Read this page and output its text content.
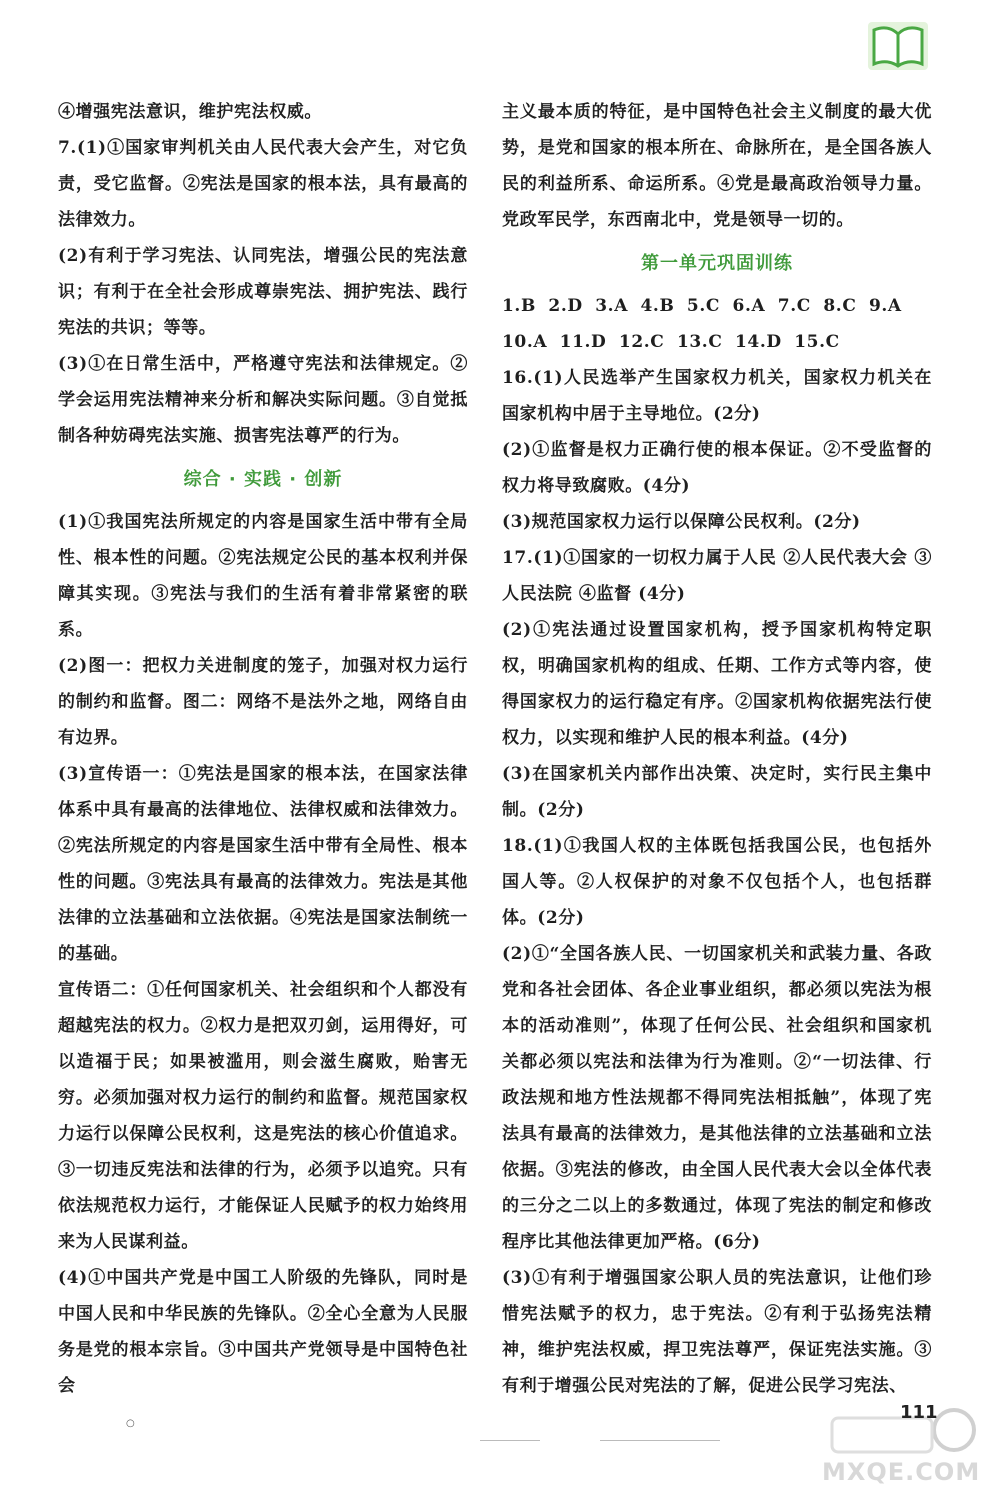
④增强宪法意识，维护宪法权威。

7.(1)①国家审判机关由人民代表大会产生，对它负责，受它监督。②宪法是国家的根本法，具有最高的法律效力。

(2)有利于学习宪法、认同宪法，增强公民的宪法意识；有利于在全社会形成尊崇宪法、拥护宪法、践行宪法的共识；等等。

(3)①在日常生活中，严格遵守宪法和法律规定。②学会运用宪法精神来分析和解决实际问题。③自觉抵制各种妨碍宪法实施、损害宪法尊严的行为。

综合 · 实践 · 创新

(1)①我国宪法所规定的内容是国家生活中带有全局性、根本性的问题。②宪法规定公民的基本权利并保障其实现。③宪法与我们的生活有着非常紧密的联系。

(2)图一：把权力关进制度的笼子，加强对权力运行的制约和监督。图二：网络不是法外之地，网络自由有边界。

(3)宣传语一：①宪法是国家的根本法，在国家法律体系中具有最高的法律地位、法律权威和法律效力。②宪法所规定的内容是国家生活中带有全局性、根本性的问题。③宪法具有最高的法律效力。宪法是其他法律的立法基础和立法依据。④宪法是国家法制统一的基础。

宣传语二：①任何国家机关、社会组织和个人都没有超越宪法的权力。②权力是把双刃剑，运用得好，可以造福于民；如果被滥用，则会滋生腐败，贻害无穷。必须加强对权力运行的制约和监督。规范国家权力运行以保障公民权利，这是宪法的核心价值追求。③一切违反宪法和法律的行为，必须予以追究。只有依法规范权力运行，才能保证人民赋予的权力始终用来为人民谋利益。

(4)①中国共产党是中国工人阶级的先锋队，同时是中国人民和中华民族的先锋队。②全心全意为人民服务是党的根本宗旨。③中国共产党领导是中国特色社会

主义最本质的特征，是中国特色社会主义制度的最大优势，是党和国家的根本所在、命脉所在，是全国各族人民的利益所系、命运所系。④党是最高政治领导力量。党政军民学，东西南北中，党是领导一切的。

第一单元巩固训练

1.B 2.D 3.A 4.B 5.C 6.A 7.C 8.C 9.A

10.A 11.D 12.C 13.C 14.D 15.C

16.(1)人民选举产生国家权力机关，国家权力机关在国家机构中居于主导地位。(2分)

(2)①监督是权力正确行使的根本保证。②不受监督的权力将导致腐败。(4分)

(3)规范国家权力运行以保障公民权利。(2分)

17.(1)①国家的一切权力属于人民 ②人民代表大会 ③人民法院 ④监督 (4分)

(2)①宪法通过设置国家机构，授予国家机构特定职权，明确国家机构的组成、任期、工作方式等内容，使得国家权力的运行稳定有序。②国家机构依据宪法行使权力，以实现和维护人民的根本利益。(4分)

(3)在国家机关内部作出决策、决定时，实行民主集中制。(2分)

18.(1)①我国人权的主体既包括我国公民，也包括外国人等。②人权保护的对象不仅包括个人，也包括群体。(2分)

(2)①“全国各族人民、一切国家机关和武装力量、各政党和各社会团体、各企业事业组织，都必须以宪法为根本的活动准则”，体现了任何公民、社会组织和国家机关都必须以宪法和法律为行为准则。②“一切法律、行政法规和地方性法规都不得同宪法相抵触”，体现了宪法具有最高的法律效力，是其他法律的立法基础和立法依据。③宪法的修改，由全国人民代表大会以全体代表的三分之二以上的多数通过，体现了宪法的制定和修改程序比其他法律更加严格。(6分)

(3)①有利于增强国家公职人员的宪法意识，让他们珍惜宪法赋予的权力，忠于宪法。②有利于弘扬宪法精神，维护宪法权威，捍卫宪法尊严，保证宪法实施。③有利于增强公民对宪法的了解，促进公民学习宪法、

○
111
MXQE.COM
